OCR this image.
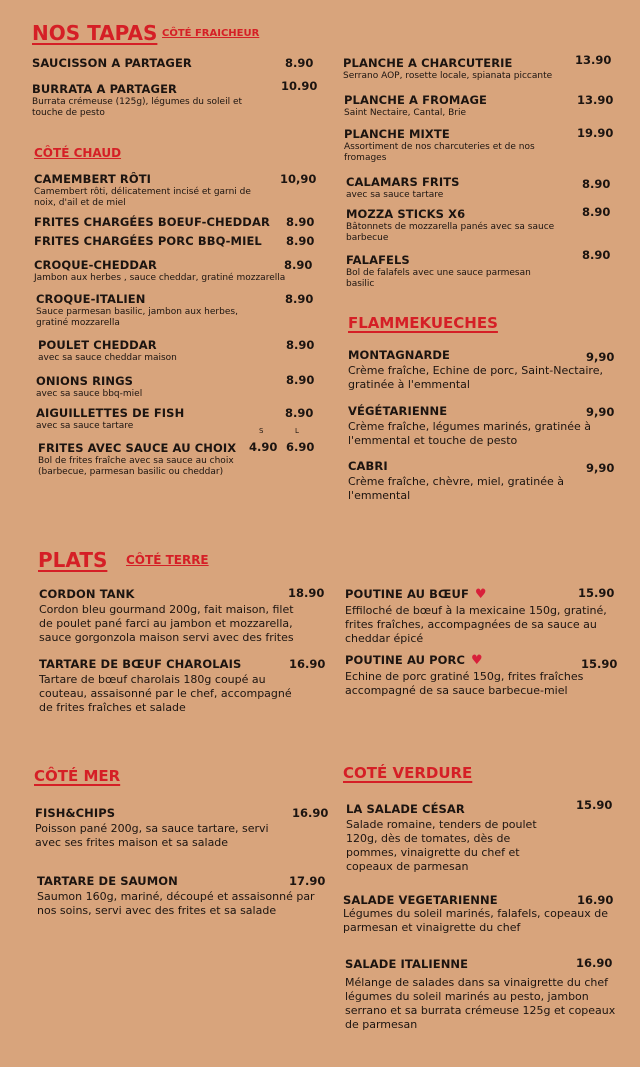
NOS TAPAS CÔTÉ FRAICHEUR
SAUCISSON A PARTAGER	8.90
BURRATA A PARTAGER
Burrata crémeuse (125g), légumes du soleil et touche de pesto
10.90
CÔTÉ CHAUD
CAMEMBERT RÔTI
Camembert rôti, délicatement incisé et garni de noix, d'ail et de miel
10,90
FRITES CHARGÉES BOEUF-CHEDDAR 8.90
FRITES CHARGÉES PORC BBQ-MIEL 8.90
CROQUE-CHEDDAR
Jambon aux herbes , sauce cheddar, gratiné mozzarella
8.90
CROQUE-ITALIEN
Sauce parmesan basilic, jambon aux herbes, gratiné mozzarella
8.90
POULET CHEDDAR
avec sa sauce cheddar maison
8.90
ONIONS RINGS
avec sa sauce bbq-miel
8.90
AIGUILLETTES DE FISH
avec sa sauce tartare
8.90
S	L
FRITES AVEC SAUCE AU CHOIX
Bol de frites fraîche avec sa sauce au choix (barbecue, parmesan basilic ou cheddar)
4.90 6.90
PLANCHE A CHARCUTERIE
Serrano AOP, rosette locale, spianata piccante
13.90
PLANCHE A FROMAGE
Saint Nectaire, Cantal, Brie
13.90
PLANCHE MIXTE
Assortiment de nos charcuteries et de nos fromages
19.90
CALAMARS FRITS
avec sa sauce tartare
8.90
MOZZA STICKS X6
Bâtonnets de mozzarella panés avec sa sauce barbecue
8.90
FALAFELS
Bol de falafels avec une sauce parmesan basilic
8.90
FLAMMEKUECHES
MONTAGNARDE
Crème fraîche, Echine de porc, Saint-Nectaire, gratinée à l'emmental
9,90
VÉGÉTARIENNE
Crème fraîche, légumes marinés, gratinée à l'emmental et touche de pesto
9,90
CABRI
Crème fraîche, chèvre, miel, gratinée à l'emmental
9,90
PLATS CÔTÉ TERRE
CORDON TANK
Cordon bleu gourmand 200g, fait maison, filet de poulet pané farci au jambon et mozzarella, sauce gorgonzola maison servi avec des frites
18.90
TARTARE DE BŒUF CHAROLAIS
Tartare de bœuf charolais 180g coupé au couteau, assaisonné par le chef, accompagné de frites fraîches et salade
16.90
POUTINE AU BŒUF ♥
Effiloché de bœuf à la mexicaine 150g, gratiné, frites fraîches, accompagnées de sa sauce au cheddar épicé
15.90
POUTINE AU PORC ♥
Echine de porc gratiné 150g, frites fraîches accompagné de sa sauce barbecue-miel
15.90
CÔTÉ MER
FISH&CHIPS
Poisson pané 200g, sa sauce tartare, servi avec ses frites maison et sa salade
16.90
TARTARE DE SAUMON
Saumon 160g, mariné, découpé et assaisonné par nos soins, servi avec des frites et sa salade
17.90
COTÉ VERDURE
LA SALADE CÉSAR
Salade romaine, tenders de poulet 120g, dès de tomates, dès de pommes, vinaigrette du chef et copeaux de parmesan
15.90
SALADE VEGETARIENNE
Légumes du soleil marinés, falafels, copeaux de parmesan et vinaigrette du chef
16.90
SALADE ITALIENNE
Mélange de salades dans sa vinaigrette du chef légumes du soleil marinés au pesto, jambon serrano et sa burrata crémeuse 125g et copeaux de parmesan
16.90
